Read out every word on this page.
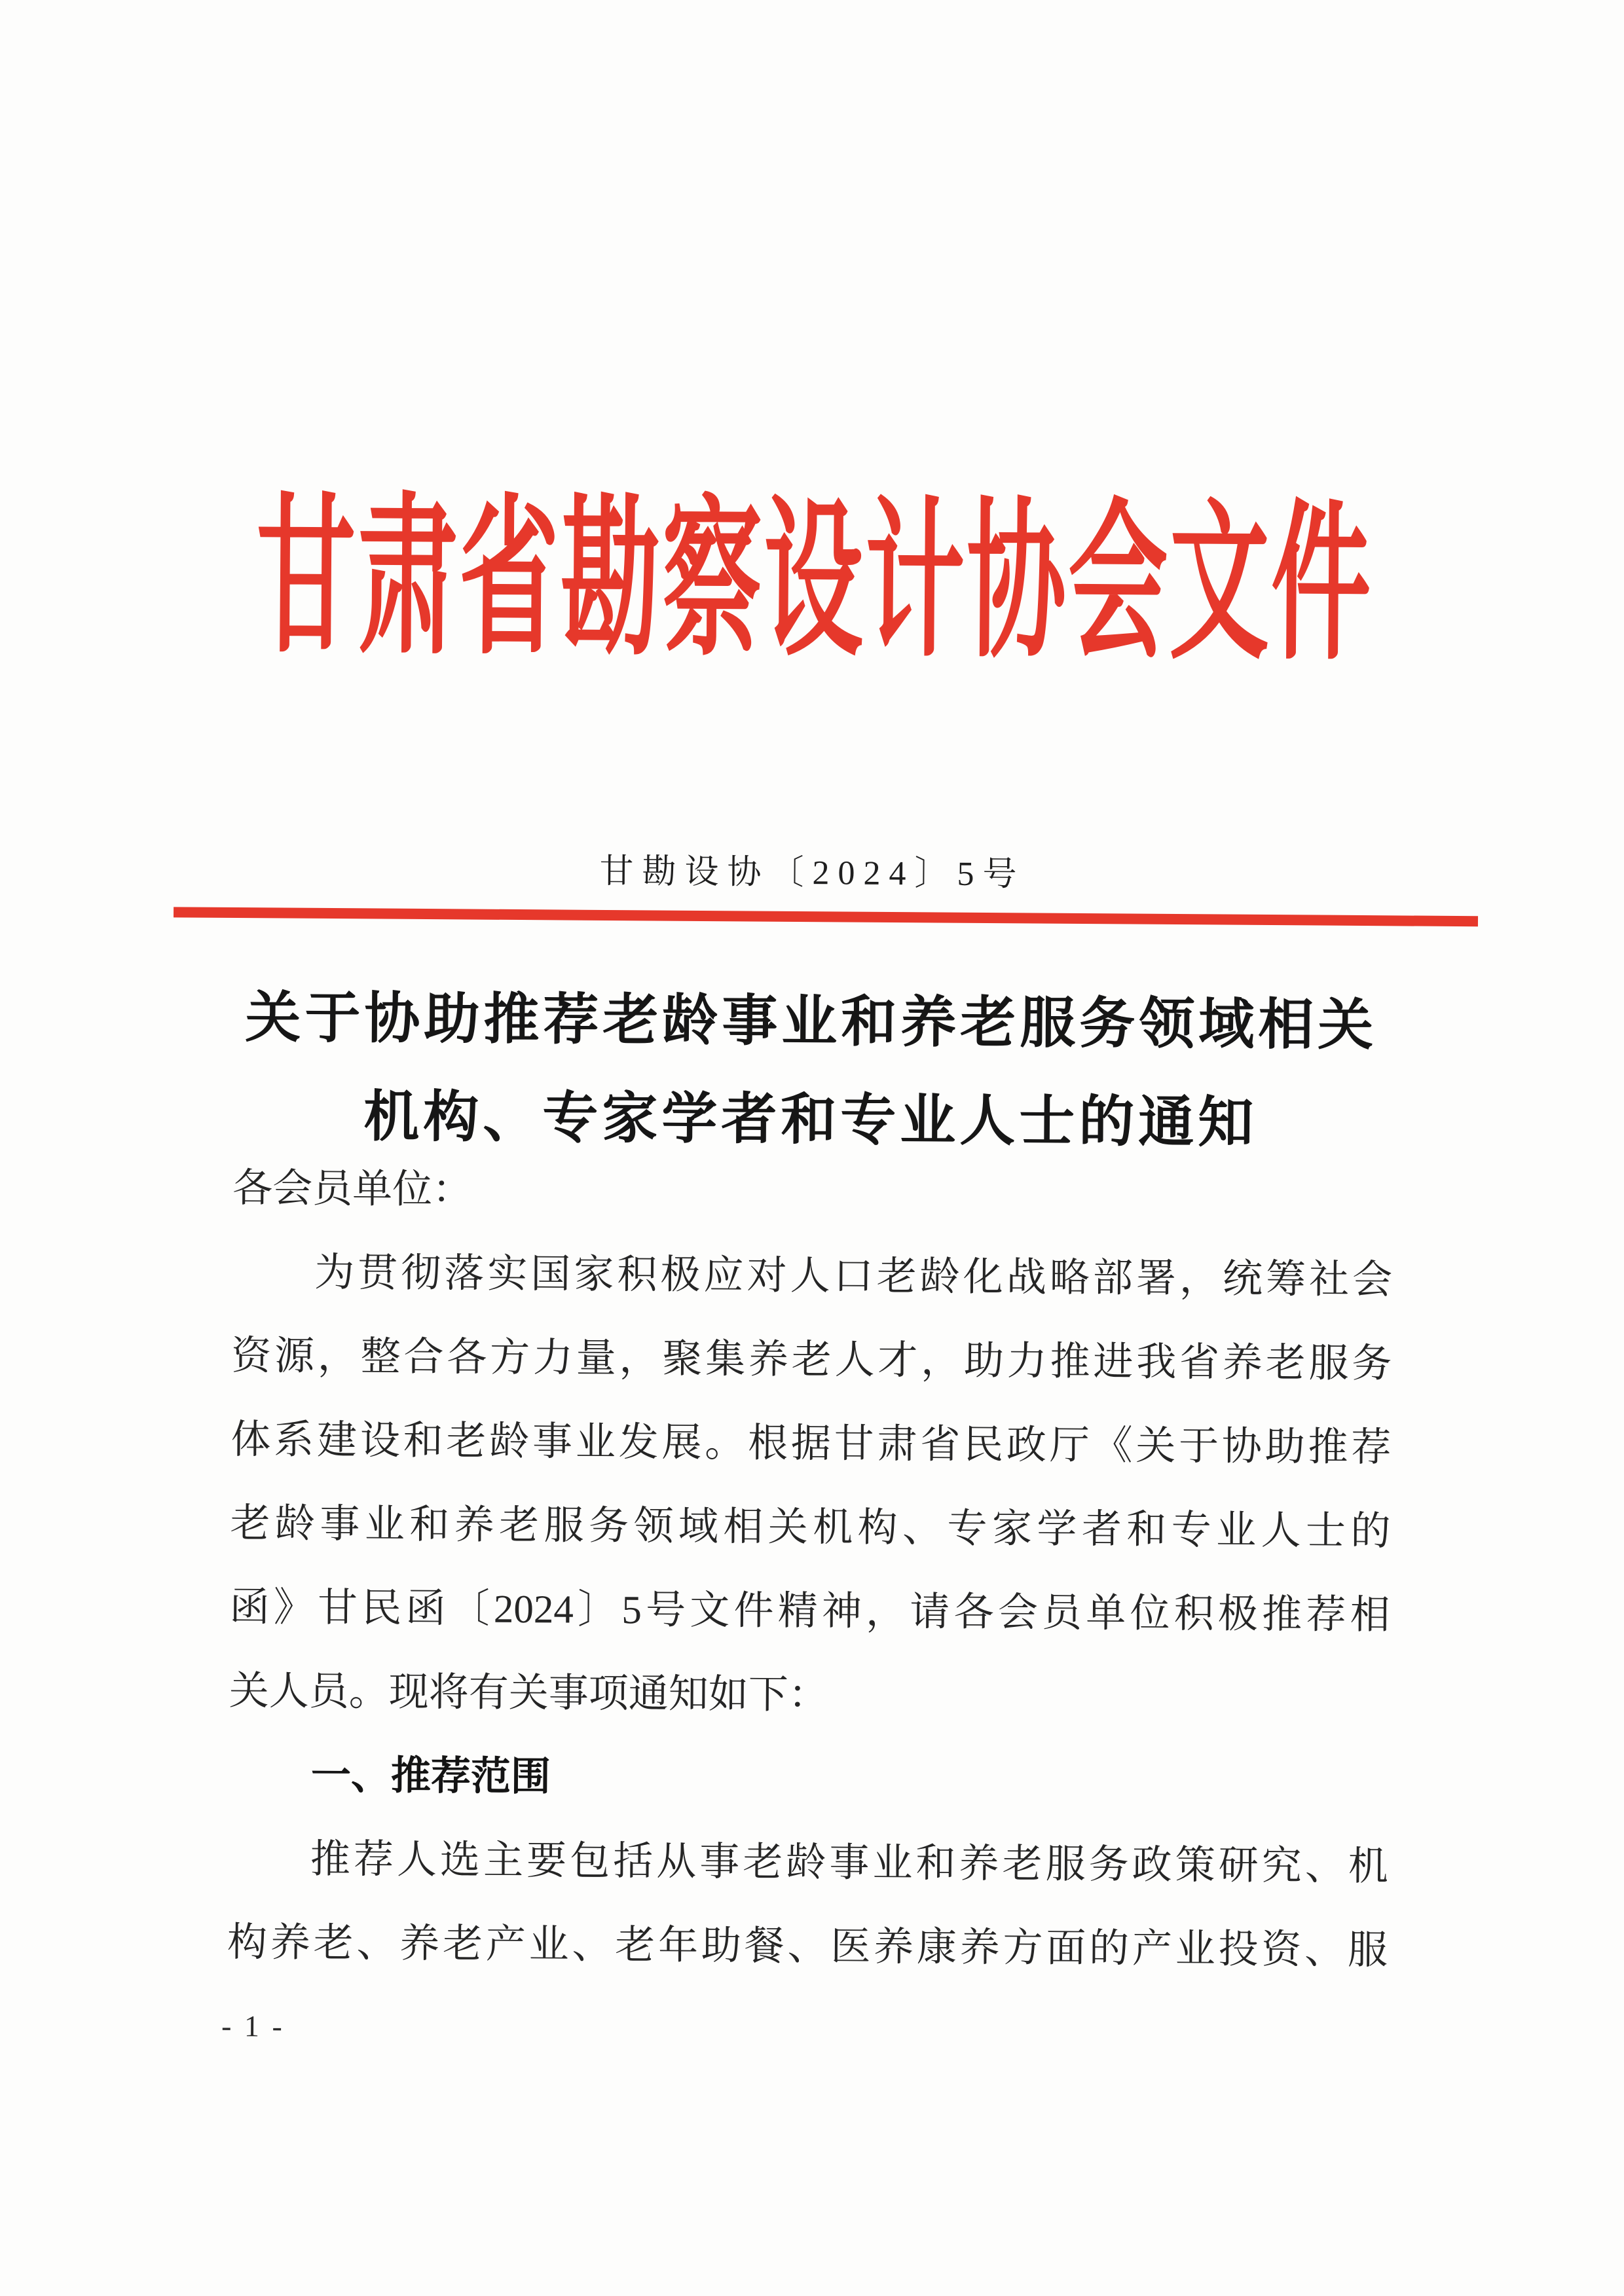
甘肃省勘察设计协会文件
甘勘设协〔2024〕5号
关于协助推荐老龄事业和养老服务领域相关
机构、专家学者和专业人士的通知
各会员单位：
为贯彻落实国家积极应对人口老龄化战略部署，统筹社会
资源，整合各方力量，聚集养老人才，助力推进我省养老服务
体系建设和老龄事业发展。根据甘肃省民政厅《关于协助推荐
老龄事业和养老服务领域相关机构、专家学者和专业人士的
函》甘民函〔2024〕5号文件精神，请各会员单位积极推荐相
关人员。现将有关事项通知如下：
一、推荐范围
推荐人选主要包括从事老龄事业和养老服务政策研究、机
构养老、养老产业、老年助餐、医养康养方面的产业投资、服
- 1 -
